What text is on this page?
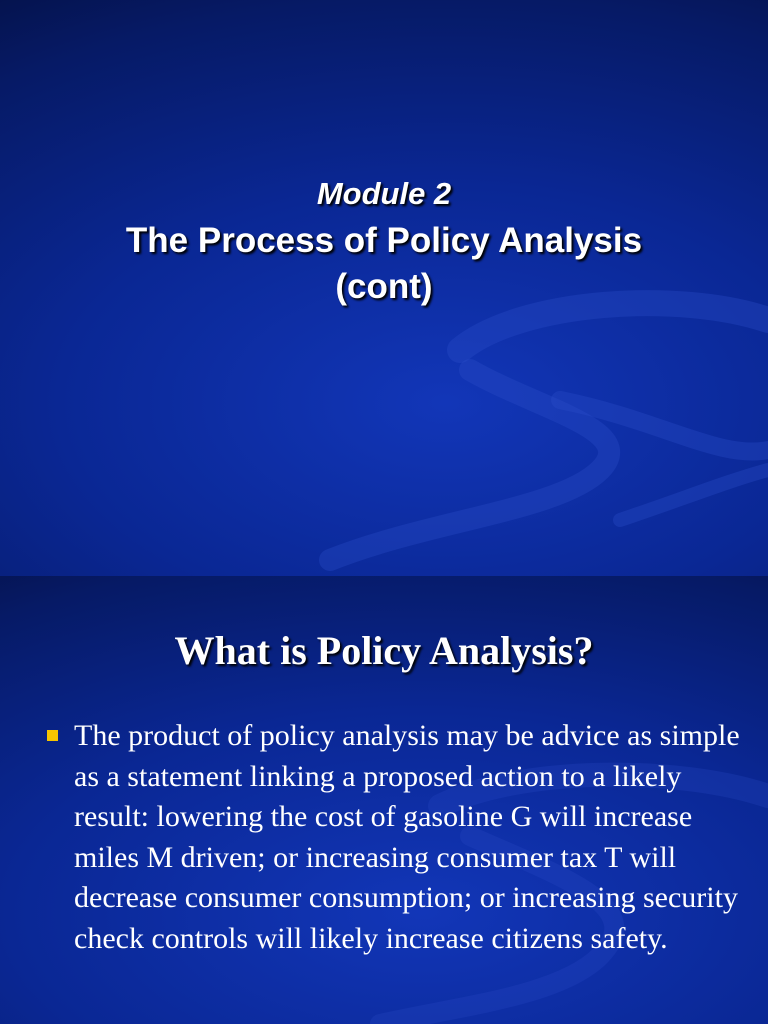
Module 2
The Process of Policy Analysis
(cont)
What is Policy Analysis?
The product of policy analysis may be advice as simple as a statement linking a proposed action to a likely result: lowering the cost of gasoline G will increase miles M driven; or increasing consumer tax T will decrease consumer consumption; or increasing security check controls will likely increase citizens safety.
